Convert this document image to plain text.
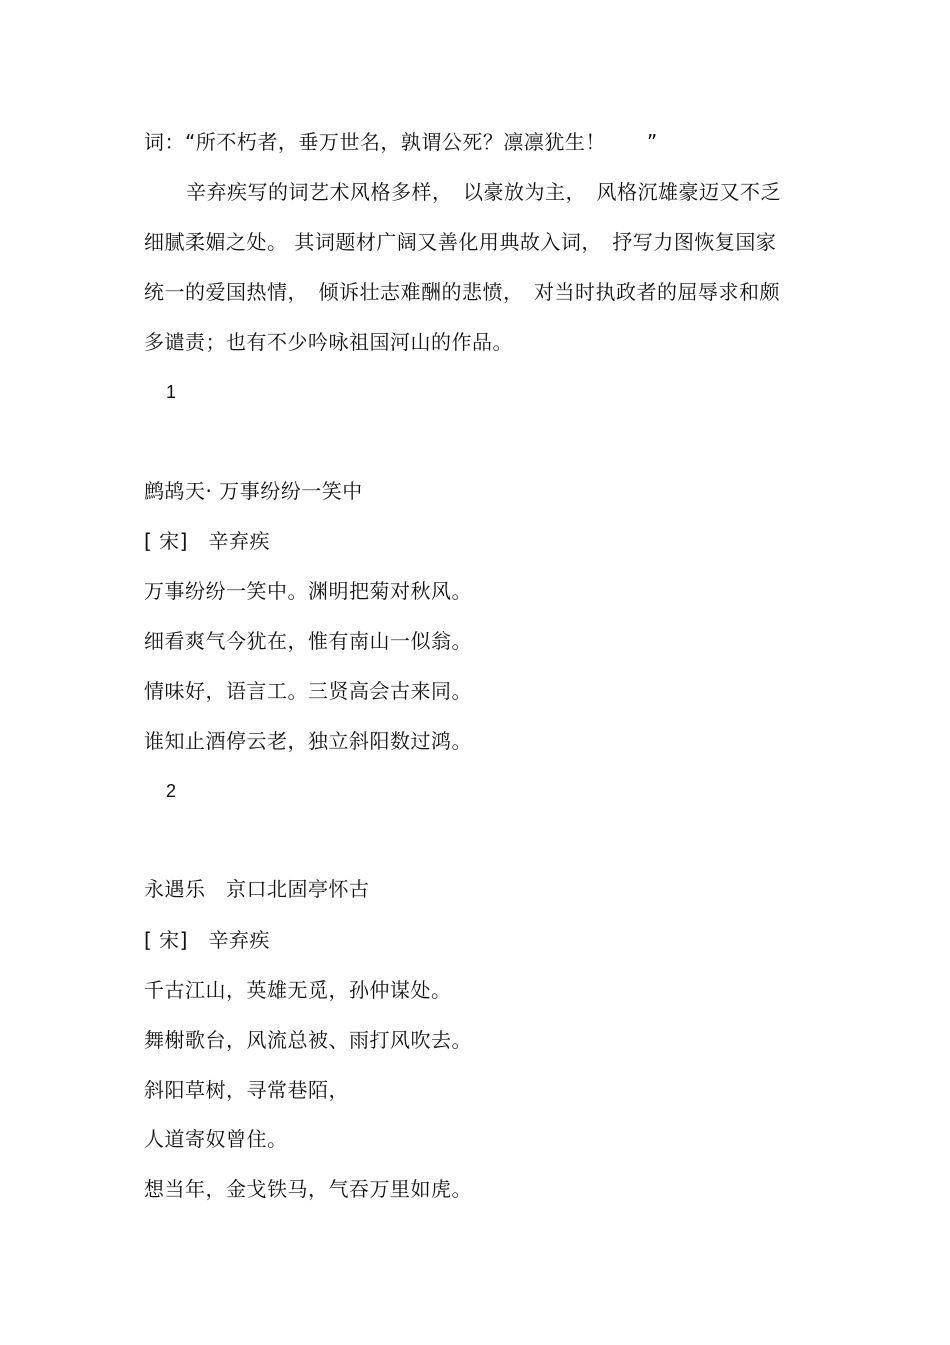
词：“所不朽者，垂万世名，孰谓公死？凛凛犹生！　　”
辛弃疾写的词艺术风格多样，　以豪放为主，　风格沉雄豪迈又不乏
细腻柔媚之处。 其词题材广阔又善化用典故入词，　抒写力图恢复国家
统一的爱国热情，　倾诉壮志难酬的悲愤，　对当时执政者的屈辱求和颇
多谴责；也有不少吟咏祖国河山的作品。
1
鹧鸪天· 万事纷纷一笑中
[ 宋]　辛弃疾
万事纷纷一笑中。渊明把菊对秋风。
细看爽气今犹在，惟有南山一似翁。
情味好，语言工。三贤高会古来同。
谁知止酒停云老，独立斜阳数过鸿。
2
永遇乐　京口北固亭怀古
[ 宋]　辛弃疾
千古江山，英雄无觅，孙仲谋处。
舞榭歌台，风流总被、雨打风吹去。
斜阳草树，寻常巷陌，
人道寄奴曾住。
想当年，金戈铁马，气吞万里如虎。
